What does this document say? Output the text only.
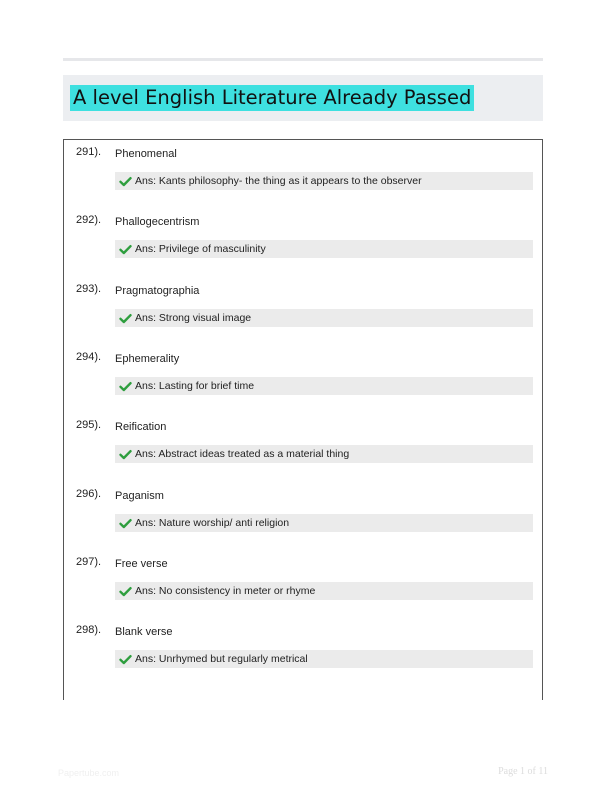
A level English Literature Already Passed
291). Phenomenal
Ans: Kants philosophy- the thing as it appears to the observer
292). Phallogecentrism
Ans: Privilege of masculinity
293). Pragmatographia
Ans: Strong visual image
294). Ephemerality
Ans: Lasting for brief time
295). Reification
Ans: Abstract ideas treated as a material thing
296). Paganism
Ans: Nature worship/ anti religion
297). Free verse
Ans: No consistency in meter or rhyme
298). Blank verse
Ans: Unrhymed but regularly metrical
Papertube.com	Page 1 of 11
